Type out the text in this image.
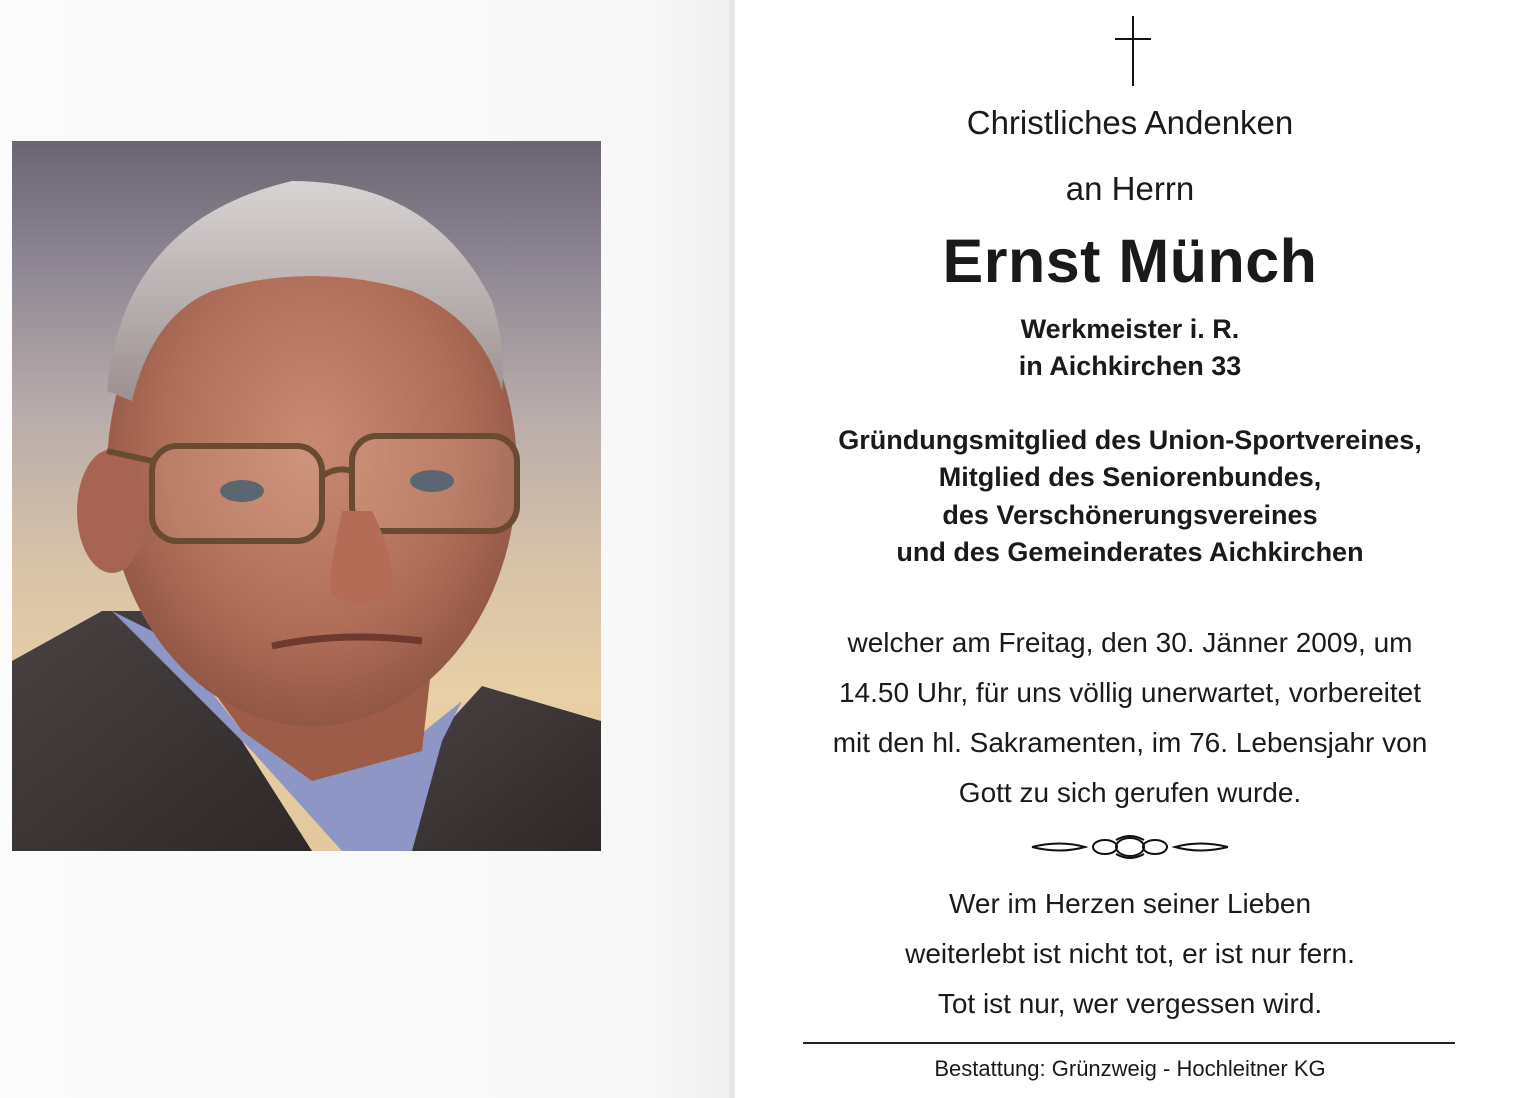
Christliches Andenken
an Herrn
Ernst Münch
Werkmeister i. R.
in Aichkirchen 33
Gründungsmitglied des Union-Sportvereines,
Mitglied des Seniorenbundes,
des Verschönerungsvereines
und des Gemeinderates Aichkirchen
welcher am Freitag, den 30. Jänner 2009, um
14.50 Uhr, für uns völlig unerwartet, vorbereitet
mit den hl. Sakramenten, im 76. Lebensjahr von
Gott zu sich gerufen wurde.
Wer im Herzen seiner Lieben
weiterlebt ist nicht tot, er ist nur fern.
Tot ist nur, wer vergessen wird.
Bestattung: Grünzweig - Hochleitner KG
